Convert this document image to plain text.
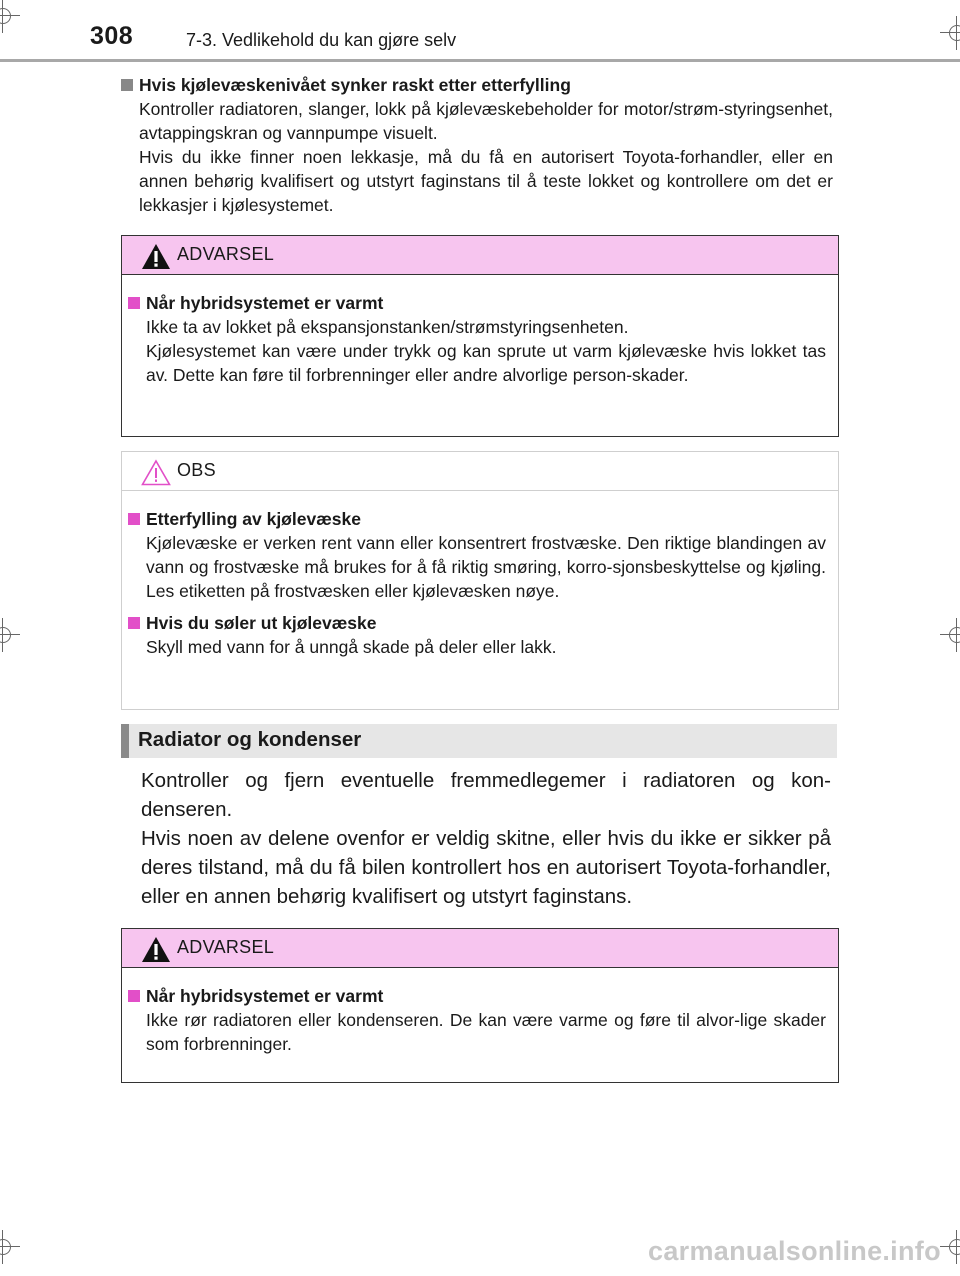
308	7-3. Vedlikehold du kan gjøre selv
Hvis kjølevæskenivået synker raskt etter etterfylling

Kontroller radiatoren, slanger, lokk på kjølevæskebeholder for motor/strøm-styringsenhet, avtappingskran og vannpumpe visuelt.

Hvis du ikke finner noen lekkasje, må du få en autorisert Toyota-forhandler, eller en annen behørig kvalifisert og utstyrt faginstans til å teste lokket og kontrollere om det er lekkasjer i kjølesystemet.

ADVARSEL
Når hybridsystemet er varmt

Ikke ta av lokket på ekspansjonstanken/strømstyringsenheten.

Kjølesystemet kan være under trykk og kan sprute ut varm kjølevæske hvis lokket tas av. Dette kan føre til forbrenninger eller andre alvorlige person-skader.

OBS
Etterfylling av kjølevæske

Kjølevæske er verken rent vann eller konsentrert frostvæske. Den riktige blandingen av vann og frostvæske må brukes for å få riktig smøring, korro-sjonsbeskyttelse og kjøling. Les etiketten på frostvæsken eller kjølevæsken nøye.

Hvis du søler ut kjølevæske

Skyll med vann for å unngå skade på deler eller lakk.

Radiator og kondenser

Kontroller og fjern eventuelle fremmedlegemer i radiatoren og kon-denseren.

Hvis noen av delene ovenfor er veldig skitne, eller hvis du ikke er sikker på deres tilstand, må du få bilen kontrollert hos en autorisert Toyota-forhandler, eller en annen behørig kvalifisert og utstyrt faginstans.

ADVARSEL
Når hybridsystemet er varmt

Ikke rør radiatoren eller kondenseren. De kan være varme og føre til alvor-lige skader som forbrenninger.

carmanualsonline.info
